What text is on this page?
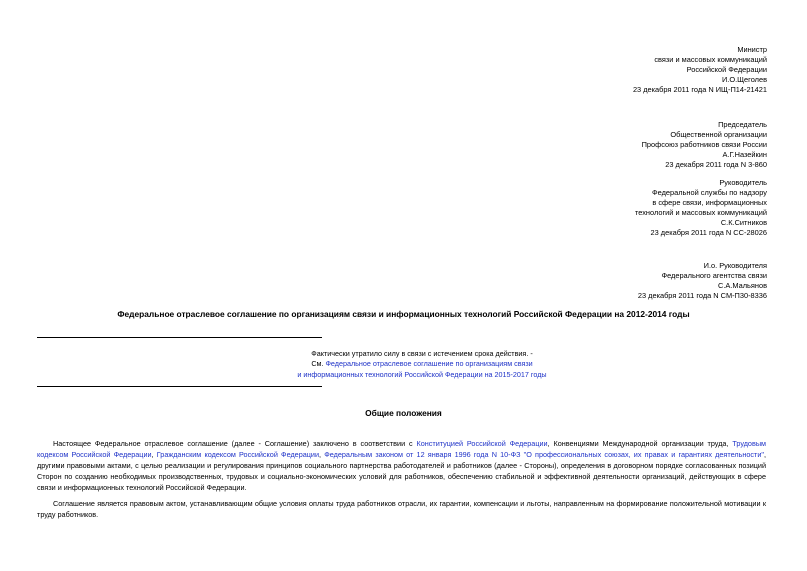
Министр
связи и массовых коммуникаций
Российской Федерации
И.О.Щеголев
23 декабря 2011 года N ИЩ-П14-21421
Председатель
Общественной организации
Профсоюз работников связи России
А.Г.Назейкин
23 декабря 2011 года N 3-860
Руководитель
Федеральной службы по надзору
в сфере связи, информационных
технологий и массовых коммуникаций
С.К.Ситников
23 декабря 2011 года N СС-28026
И.о. Руководителя
Федерального агентства связи
С.А.Мальянов
23 декабря 2011 года N СМ-П30-8336
Федеральное отраслевое соглашение по организациям связи и информационных технологий Российской Федерации на 2012-2014 годы
Фактически утратило силу в связи с истечением срока действия. -
См. Федеральное отраслевое соглашение по организациям связи
и информационных технологий Российской Федерации на 2015-2017 годы
Общие положения
Настоящее Федеральное отраслевое соглашение (далее - Соглашение) заключено в соответствии с Конституцией Российской Федерации, Конвенциями Международной организации труда, Трудовым кодексом Российской Федерации, Гражданским кодексом Российской Федерации, Федеральным законом от 12 января 1996 года N 10-ФЗ "О профессиональных союзах, их правах и гарантиях деятельности", другими правовыми актами, с целью реализации и регулирования принципов социального партнерства работодателей и работников (далее - Стороны), определения в договорном порядке согласованных позиций Сторон по созданию необходимых производственных, трудовых и социально-экономических условий для работников, обеспечению стабильной и эффективной деятельности организаций, действующих в сфере связи и информационных технологий Российской Федерации.
Соглашение является правовым актом, устанавливающим общие условия оплаты труда работников отрасли, их гарантии, компенсации и льготы, направленным на формирование положительной мотивации к труду работников.
